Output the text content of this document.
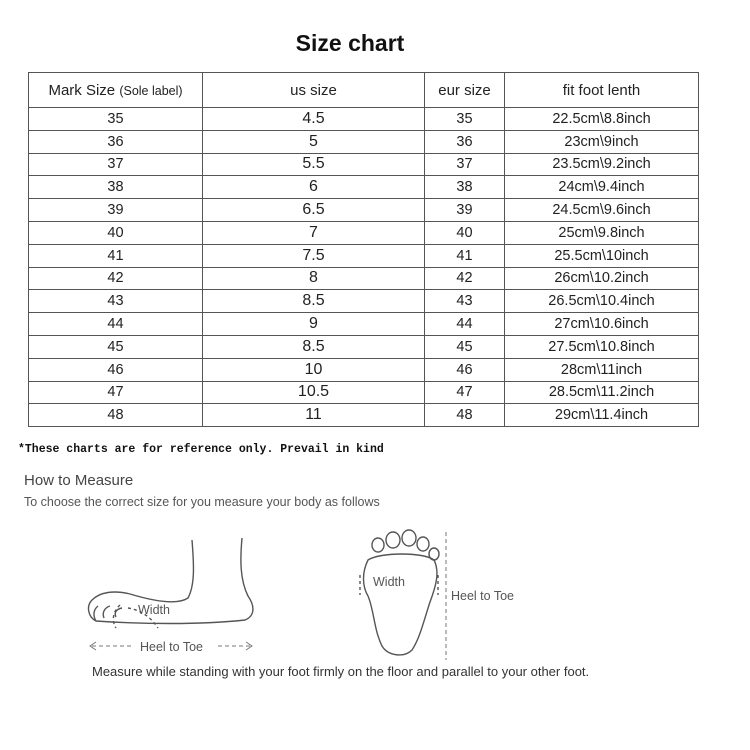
Size chart
Mark Size (Sole label)	us size	eur size	fit foot lenth
35	4.5	35	22.5cm\8.8inch
36	5	36	23cm\9inch
37	5.5	37	23.5cm\9.2inch
38	6	38	24cm\9.4inch
39	6.5	39	24.5cm\9.6inch
40	7	40	25cm\9.8inch
41	7.5	41	25.5cm\10inch
42	8	42	26cm\10.2inch
43	8.5	43	26.5cm\10.4inch
44	9	44	27cm\10.6inch
45	8.5	45	27.5cm\10.8inch
46	10	46	28cm\11inch
47	10.5	47	28.5cm\11.2inch
48	11	48	29cm\11.4inch
*These charts are for reference only. Prevail in kind
How to Measure
To choose the correct size for you measure your body as follows
Heel to Toe
Width
Width
Heel to Toe
Measure while standing with your foot firmly on the floor and parallel to your other foot.
